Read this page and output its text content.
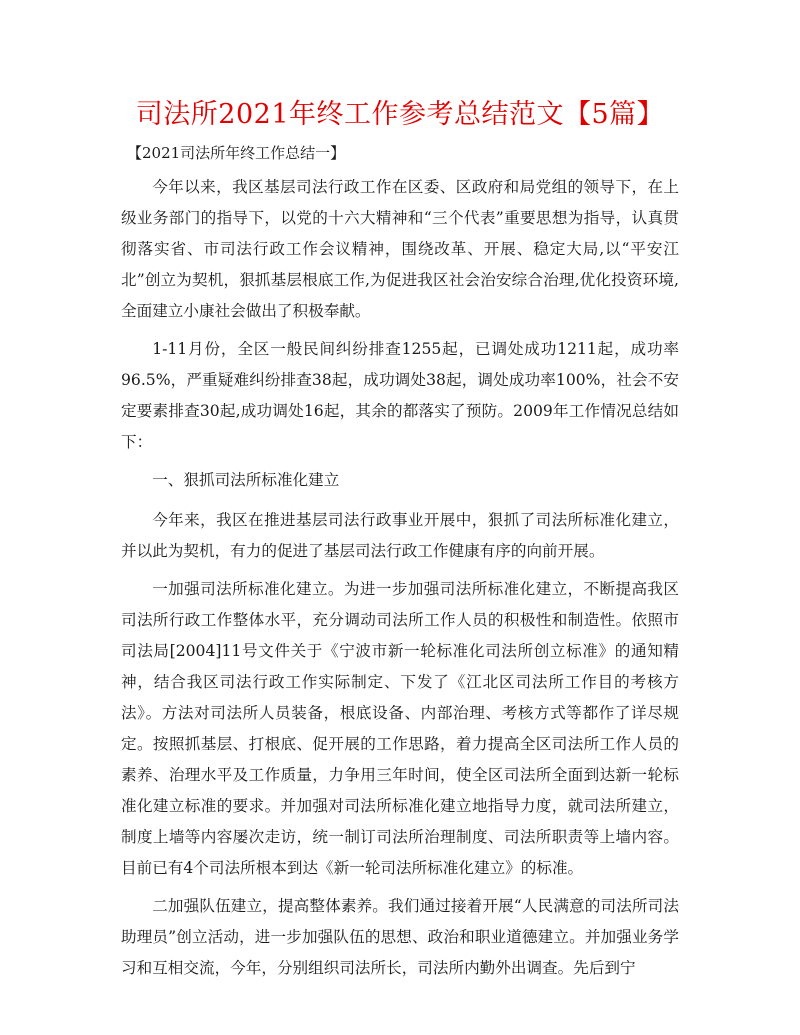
司法所2021年终工作参考总结范文【5篇】
【2021司法所年终工作总结一】

今年以来，我区基层司法行政工作在区委、区政府和局党组的领导下，在上级业务部门的指导下，以党的十六大精神和“三个代表”重要思想为指导，认真贯彻落实省、市司法行政工作会议精神，围绕改革、开展、稳定大局,以“平安江北”创立为契机，狠抓基层根底工作,为促进我区社会治安综合治理,优化投资环境,全面建立小康社会做出了积极奉献。

1-11月份，全区一般民间纠纷排查1255起，已调处成功1211起，成功率96.5%，严重疑难纠纷排查38起，成功调处38起，调处成功率100%，社会不安定要素排查30起,成功调处16起，其余的都落实了预防。2009年工作情况总结如下：

一、狠抓司法所标准化建立

今年来，我区在推进基层司法行政事业开展中，狠抓了司法所标准化建立，并以此为契机，有力的促进了基层司法行政工作健康有序的向前开展。

一加强司法所标准化建立。为进一步加强司法所标准化建立，不断提高我区司法所行政工作整体水平，充分调动司法所工作人员的积极性和制造性。依照市司法局[2004]11号文件关于《宁波市新一轮标准化司法所创立标准》的通知精神，结合我区司法行政工作实际制定、下发了《江北区司法所工作目的考核方法》。方法对司法所人员装备，根底设备、内部治理、考核方式等都作了详尽规定。按照抓基层、打根底、促开展的工作思路，着力提高全区司法所工作人员的素养、治理水平及工作质量，力争用三年时间，使全区司法所全面到达新一轮标准化建立标准的要求。并加强对司法所标准化建立地指导力度，就司法所建立，制度上墙等内容屡次走访，统一制订司法所治理制度、司法所职责等上墙内容。目前已有4个司法所根本到达《新一轮司法所标准化建立》的标准。

二加强队伍建立，提高整体素养。我们通过接着开展“人民满意的司法所司法助理员”创立活动，进一步加强队伍的思想、政治和职业道德建立。并加强业务学习和互相交流，今年，分别组织司法所长，司法所内勤外出调查。先后到宁
